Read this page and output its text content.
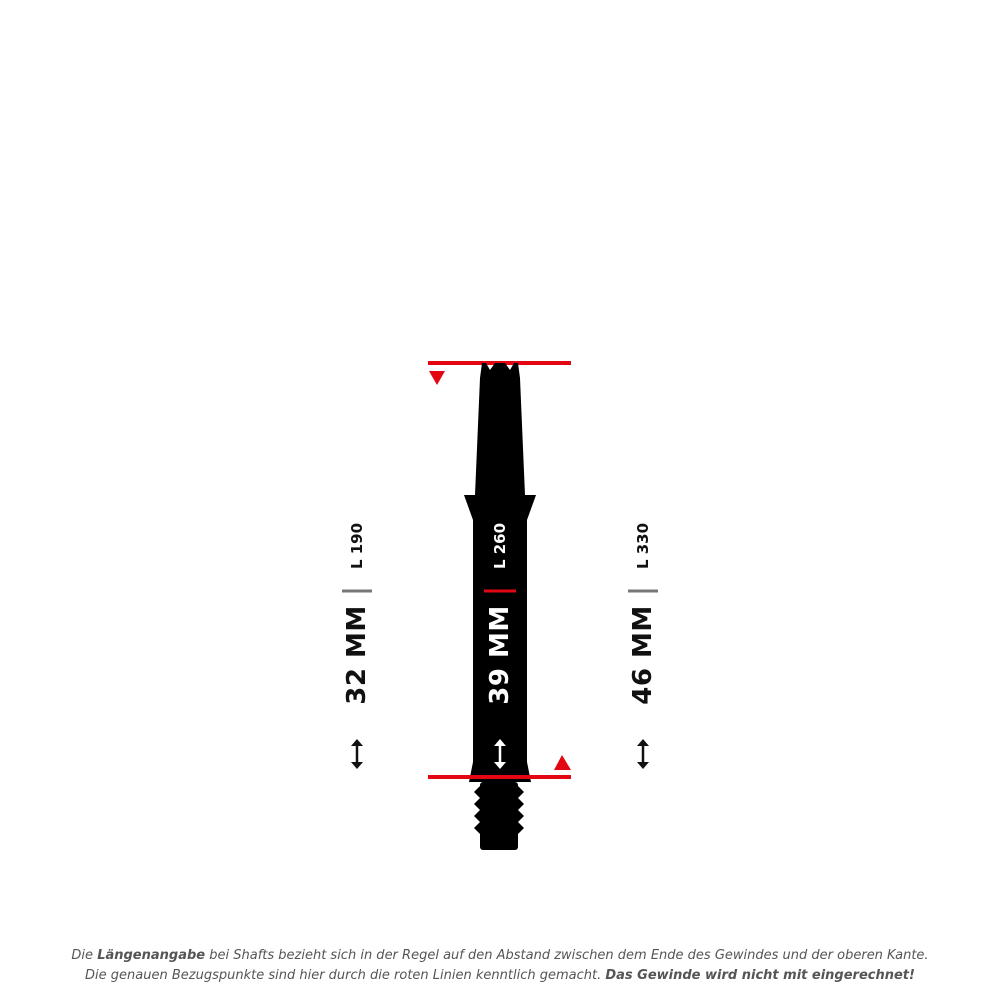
L 190
32 MM
L 260
39 MM
L 330
46 MM
Die Längenangabe bei Shafts bezieht sich in der Regel auf den Abstand zwischen dem Ende des Gewindes und der oberen Kante.
Die genauen Bezugspunkte sind hier durch die roten Linien kenntlich gemacht. Das Gewinde wird nicht mit eingerechnet!
